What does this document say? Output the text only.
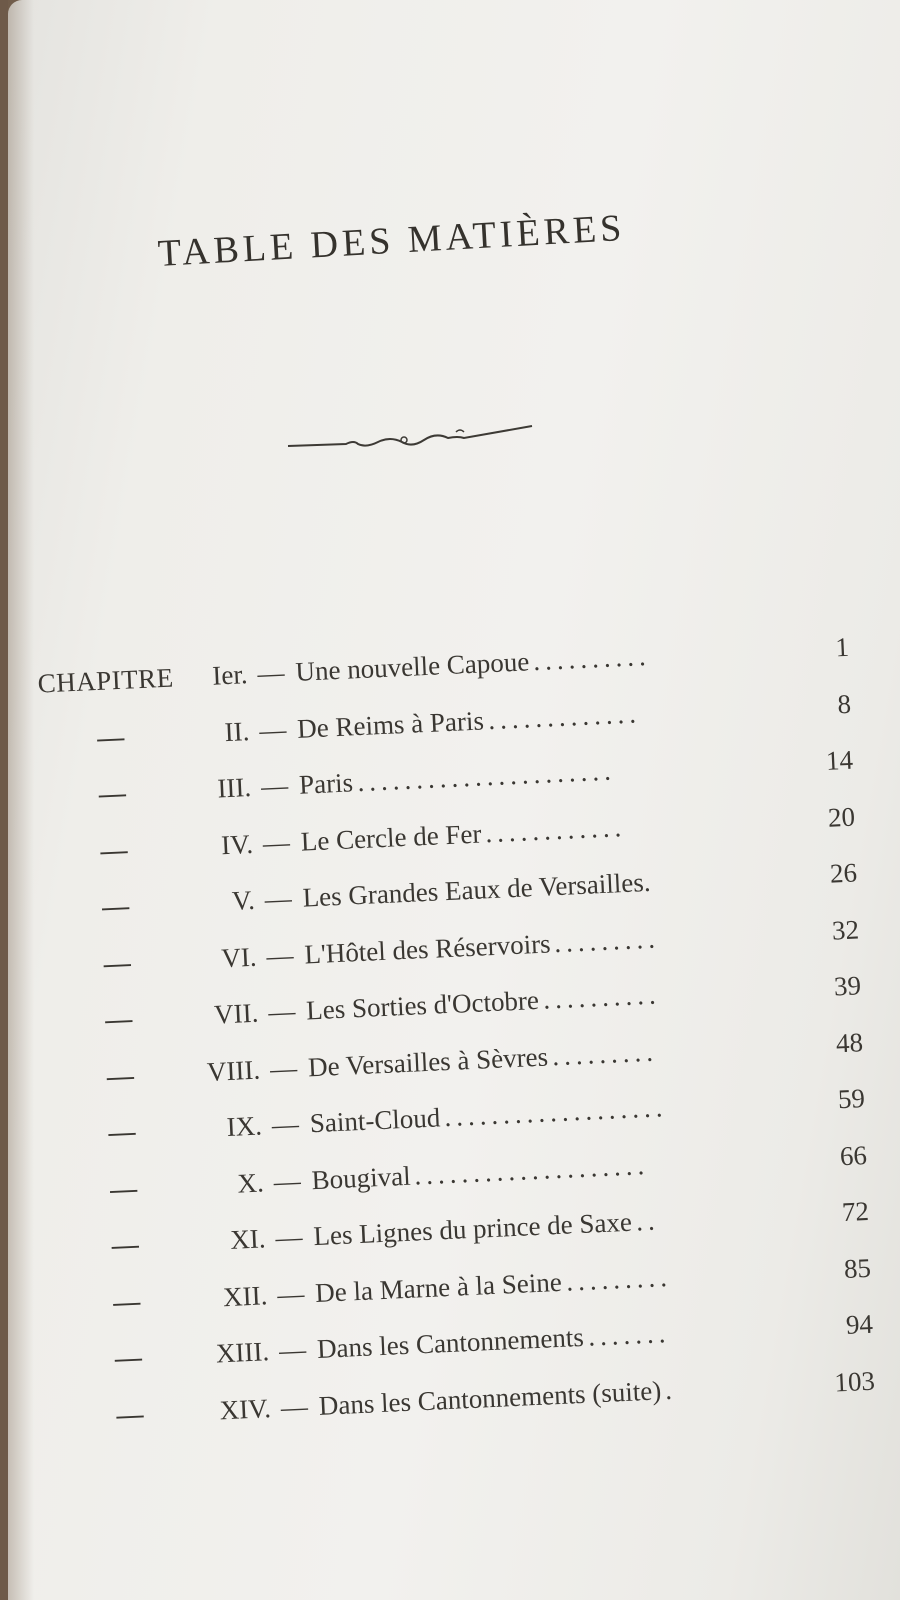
TABLE DES MATIÈRES
​
CHAPITRE	Ier. — Une nouvelle Capoue ..........	1
—	II. — De Reims à Paris .............	8
—	III. — Paris ......................	14
—	IV. — Le Cercle de Fer ............	20
—	V. — Les Grandes Eaux de Versailles.	26
—	VI. — L'Hôtel des Réservoirs .........	32
—	VII. — Les Sorties d'Octobre ..........	39
—	VIII. — De Versailles à Sèvres .........	48
—	IX. — Saint-Cloud ...................	59
—	X. — Bougival ....................	66
—	XI. — Les Lignes du prince de Saxe ..	72
—	XII. — De la Marne à la Seine .........	85
—	XIII. — Dans les Cantonnements .......	94
—	XIV. — Dans les Cantonnements (suite) .	103
